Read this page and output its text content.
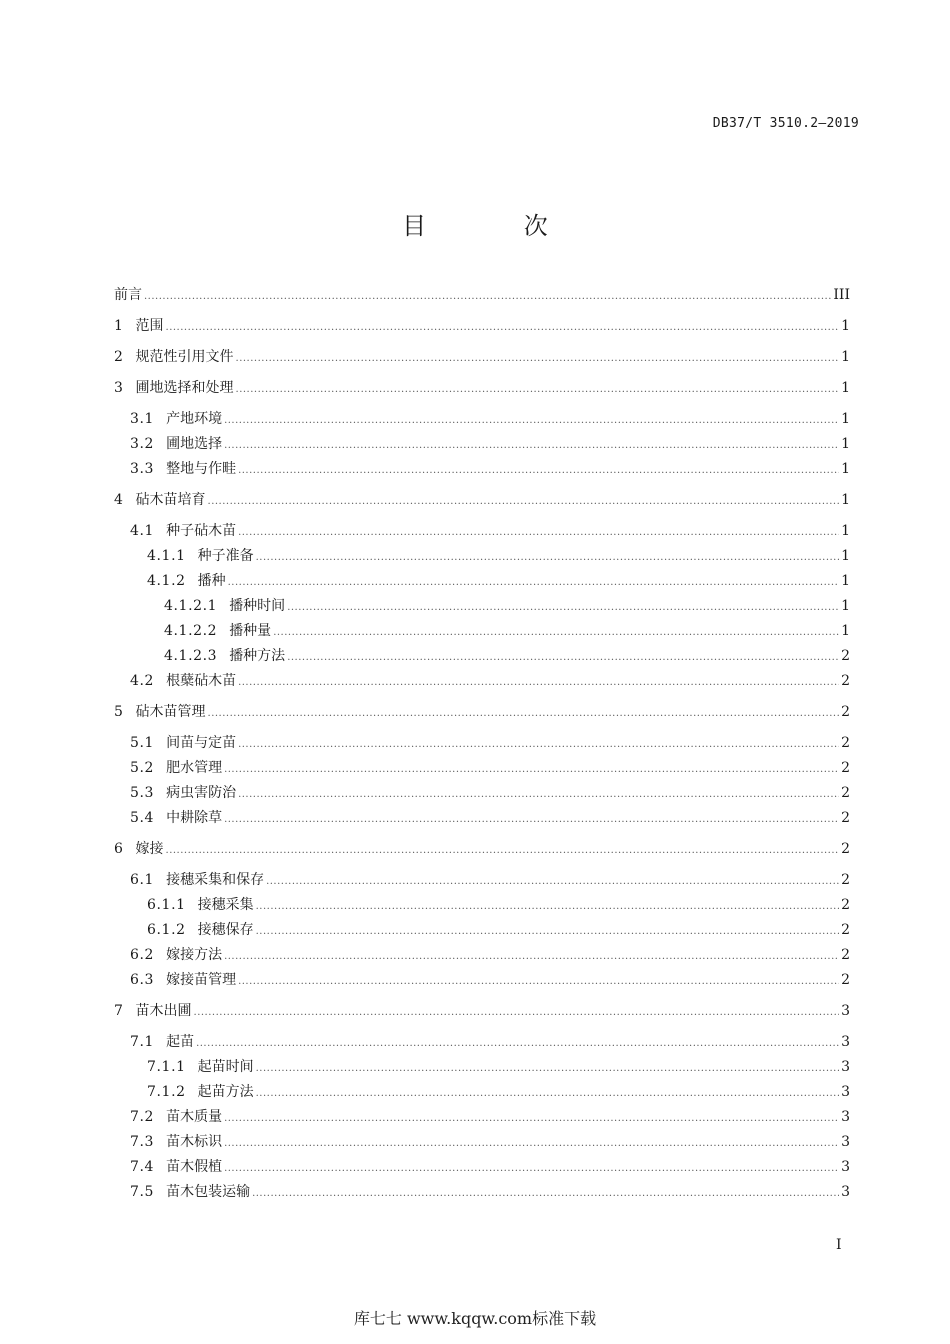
DB37/T 3510.2—2019
目 次
前言 .....	III
1 范围 .....	1
2 规范性引用文件 .....	1
3 圃地选择和处理 .....	1
3.1 产地环境 .....	1
3.2 圃地选择 .....	1
3.3 整地与作畦 .....	1
4 砧木苗培育 .....	1
4.1 种子砧木苗 .....	1
4.1.1 种子准备 .....	1
4.1.2 播种 .....	1
4.1.2.1 播种时间 .....	1
4.1.2.2 播种量 .....	1
4.1.2.3 播种方法 .....	2
4.2 根蘖砧木苗 .....	2
5 砧木苗管理 .....	2
5.1 间苗与定苗 .....	2
5.2 肥水管理 .....	2
5.3 病虫害防治 .....	2
5.4 中耕除草 .....	2
6 嫁接 .....	2
6.1 接穗采集和保存 .....	2
6.1.1 接穗采集 .....	2
6.1.2 接穗保存 .....	2
6.2 嫁接方法 .....	2
6.3 嫁接苗管理 .....	2
7 苗木出圃 .....	3
7.1 起苗 .....	3
7.1.1 起苗时间 .....	3
7.1.2 起苗方法 .....	3
7.2 苗木质量 .....	3
7.3 苗木标识 .....	3
7.4 苗木假植 .....	3
7.5 苗木包装运输 .....	3
I
库七七 www.kqqw.com标准下载
